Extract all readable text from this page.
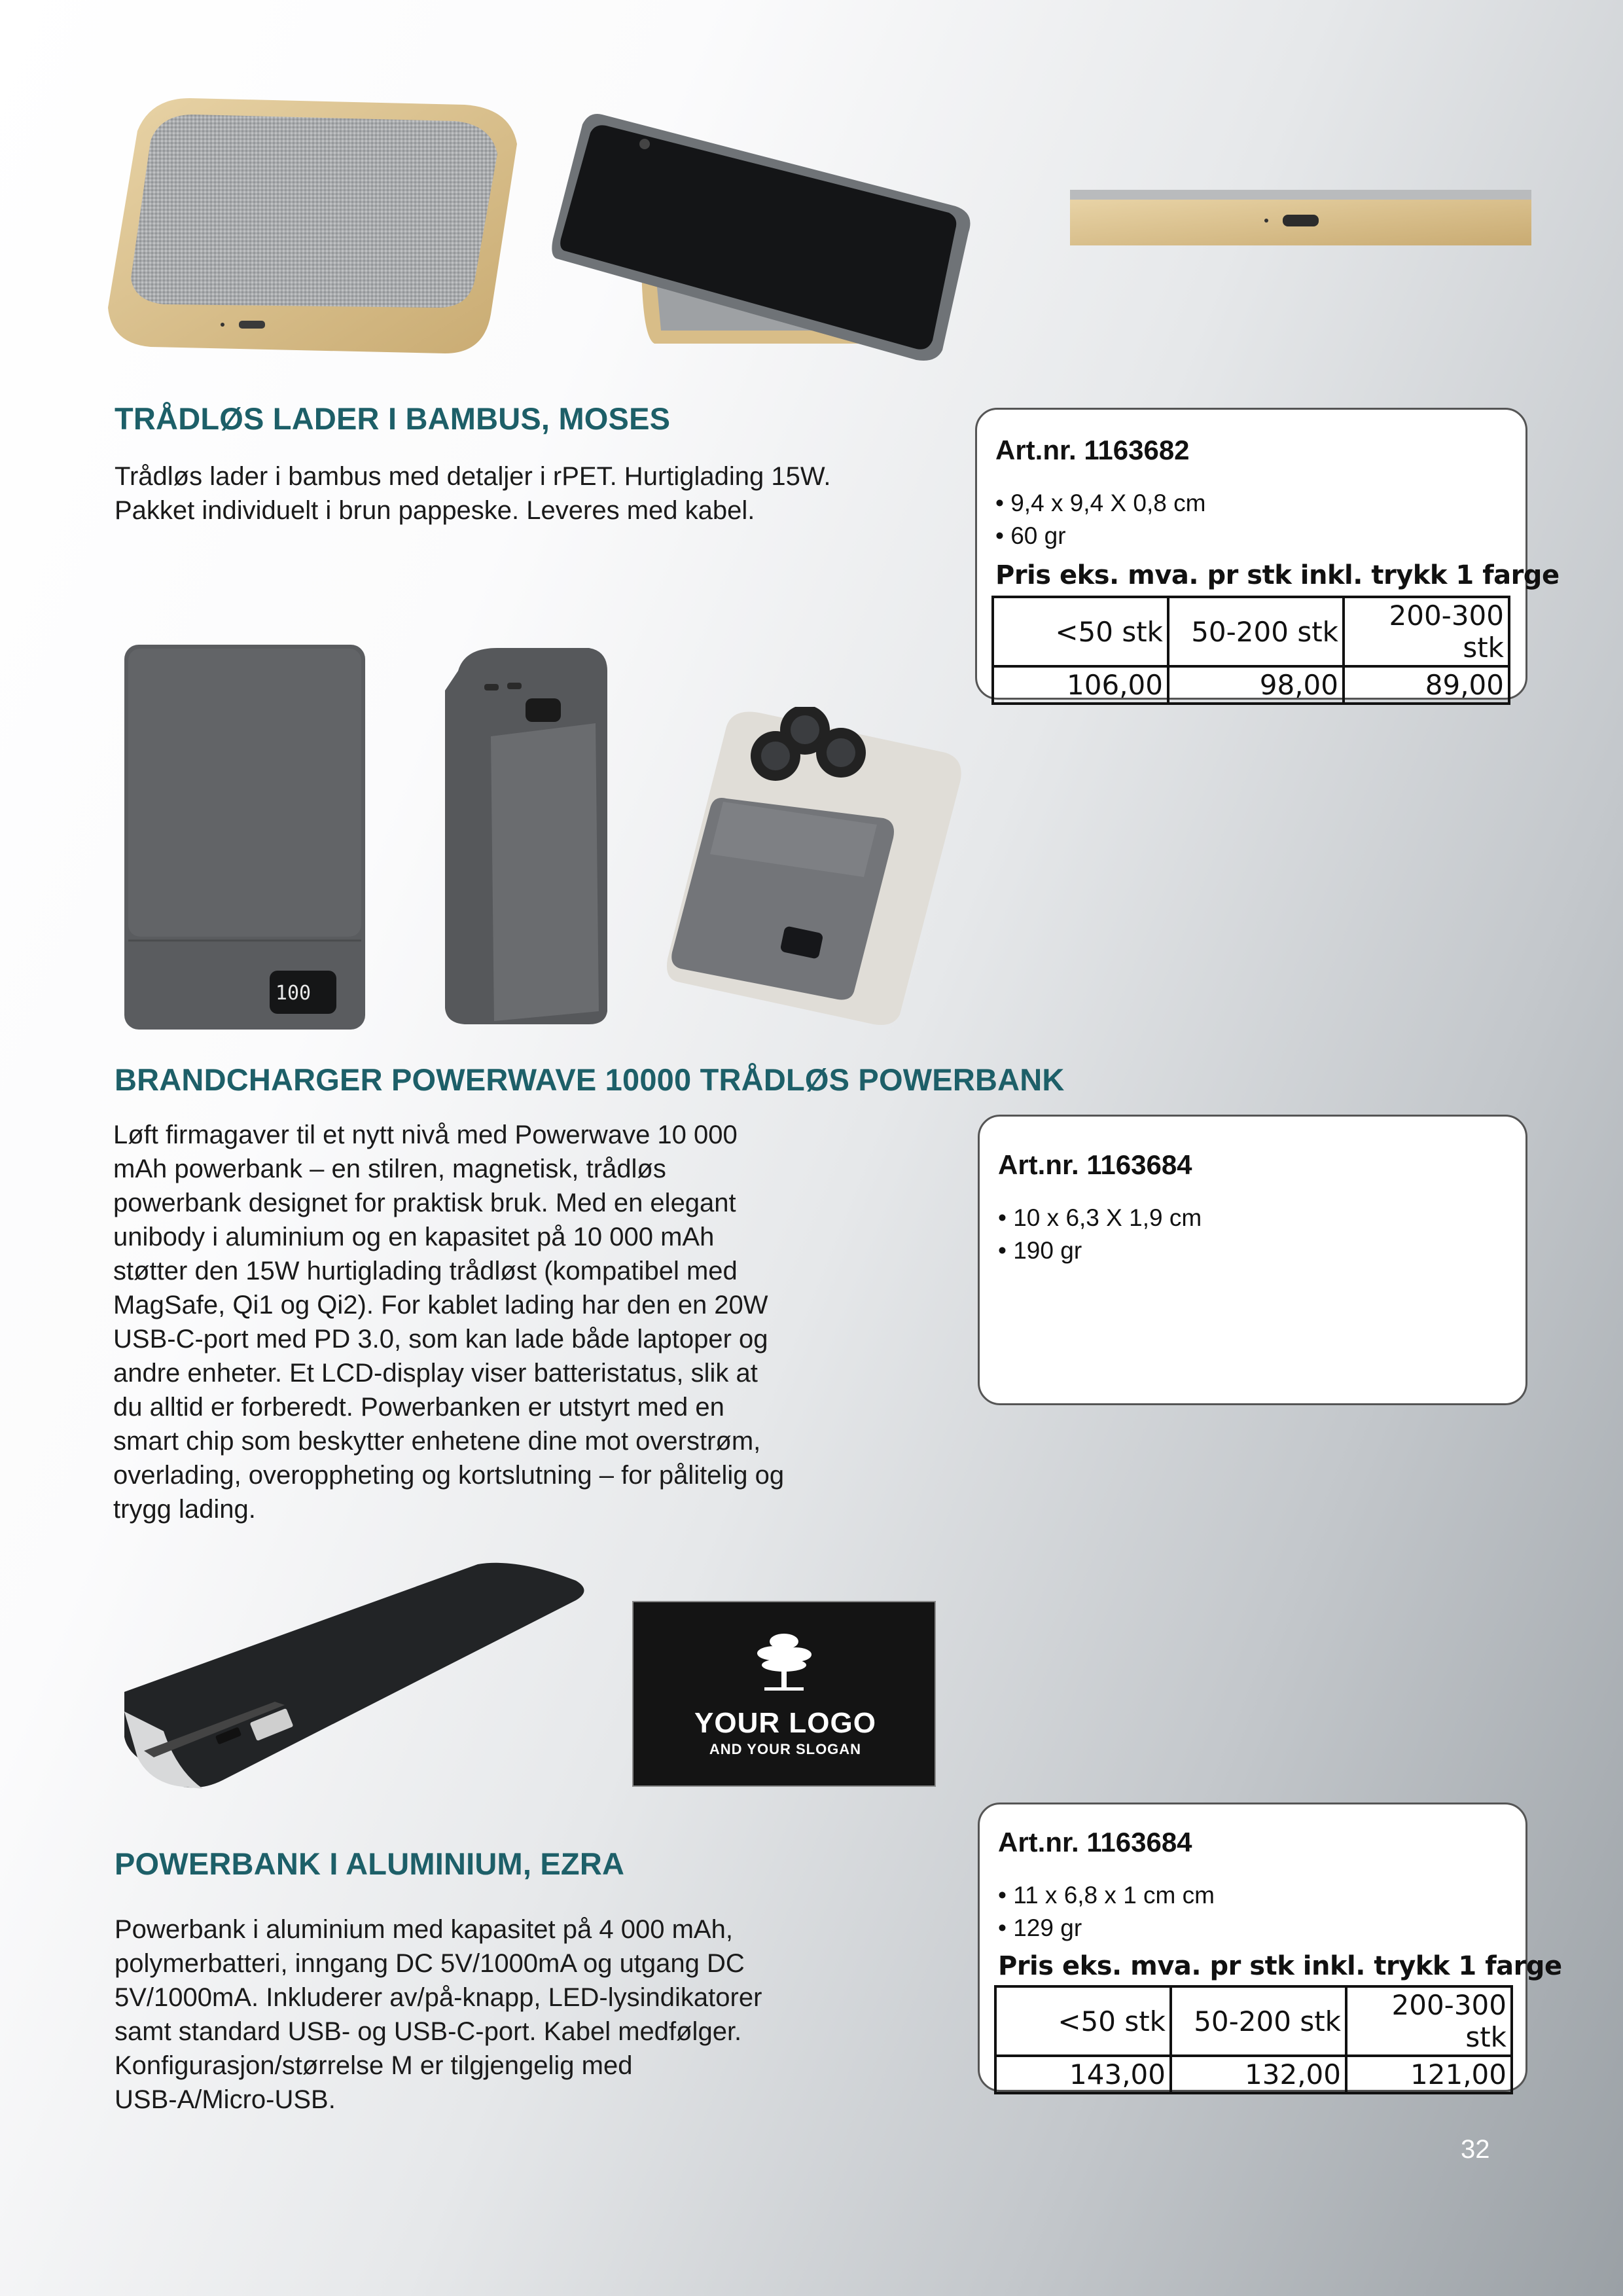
TRÅDLØS LADER I BAMBUS, MOSES
Trådløs lader i bambus med detaljer i rPET. Hurtiglading 15W.
Pakket individuelt i brun pappeske. Leveres med kabel.
Art.nr. 1163682
• 9,4 x 9,4 X 0,8 cm
• 60 gr
Pris eks. mva. pr stk inkl. trykk 1 farge
<50 stk	50-200 stk	200-300 stk
106,00	98,00	89,00
100
BRANDCHARGER POWERWAVE 10000 TRÅDLØS POWERBANK
Løft firmagaver til et nytt nivå med Powerwave 10 000
mAh powerbank – en stilren, magnetisk, trådløs
powerbank designet for praktisk bruk. Med en elegant
unibody i aluminium og en kapasitet på 10 000 mAh
støtter den 15W hurtiglading trådløst (kompatibel med
MagSafe, Qi1 og Qi2). For kablet lading har den en 20W
USB-C-port med PD 3.0, som kan lade både laptoper og
andre enheter. Et LCD-display viser batteristatus, slik at
du alltid er forberedt. Powerbanken er utstyrt med en
smart chip som beskytter enhetene dine mot overstrøm,
overlading, overoppheting og kortslutning – for pålitelig og
trygg lading.
Art.nr. 1163684
• 10 x 6,3 X 1,9 cm
• 190 gr
YOUR LOGO
AND YOUR SLOGAN
POWERBANK I ALUMINIUM, EZRA
Powerbank i aluminium med kapasitet på 4 000 mAh,
polymerbatteri, inngang DC 5V/1000mA og utgang DC
5V/1000mA. Inkluderer av/på-knapp, LED-lysindikatorer
samt standard USB- og USB-C-port. Kabel medfølger.
Konfigurasjon/størrelse M er tilgjengelig med
USB-A/Micro-USB.
Art.nr. 1163684
• 11 x 6,8 x 1 cm cm
• 129 gr
Pris eks. mva. pr stk inkl. trykk 1 farge
<50 stk	50-200 stk	200-300 stk
143,00	132,00	121,00
32
